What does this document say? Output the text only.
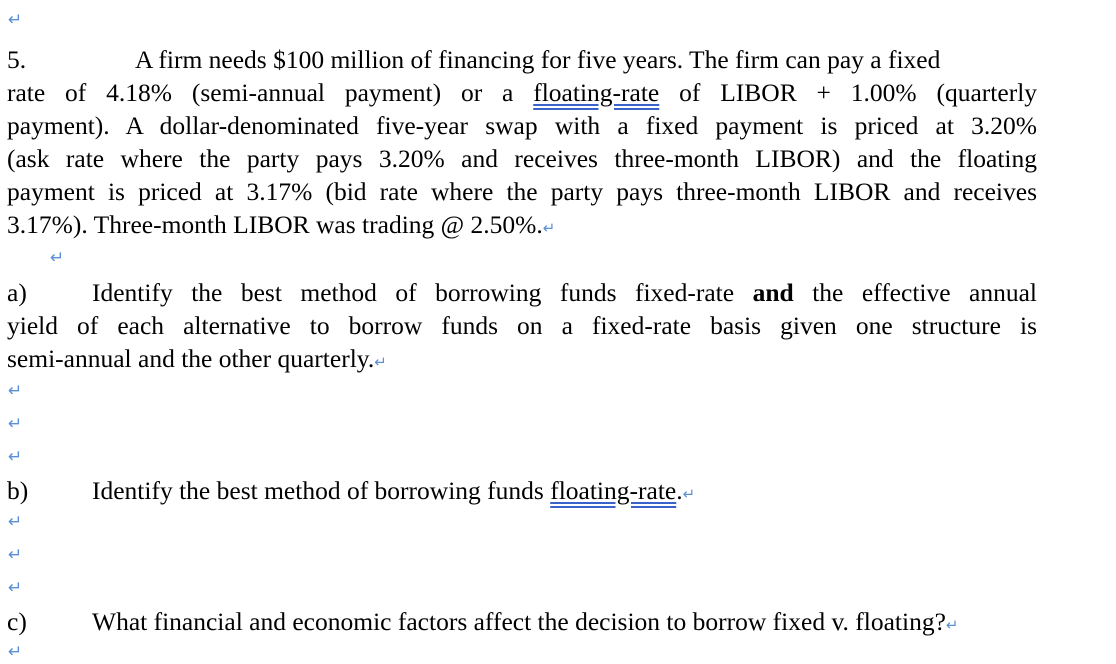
↵
5.	A firm needs $100 million of financing for five years. The firm can pay a fixed
rate of 4.18% (semi-annual payment) or a floating-rate of LIBOR + 1.00% (quarterly
payment). A dollar-denominated five-year swap with a fixed payment is priced at 3.20%
(ask rate where the party pays 3.20% and receives three-month LIBOR) and the floating
payment is priced at 3.17% (bid rate where the party pays three-month LIBOR and receives
3.17%). Three-month LIBOR was trading @ 2.50%.↵
↵
a)	Identify the best method of borrowing funds fixed-rate and the effective annual
yield of each alternative to borrow funds on a fixed-rate basis given one structure is
semi-annual and the other quarterly.↵
↵
↵
↵
b)	Identify the best method of borrowing funds floating-rate.↵
↵
↵
↵
c)	What financial and economic factors affect the decision to borrow fixed v. floating?↵
↵
